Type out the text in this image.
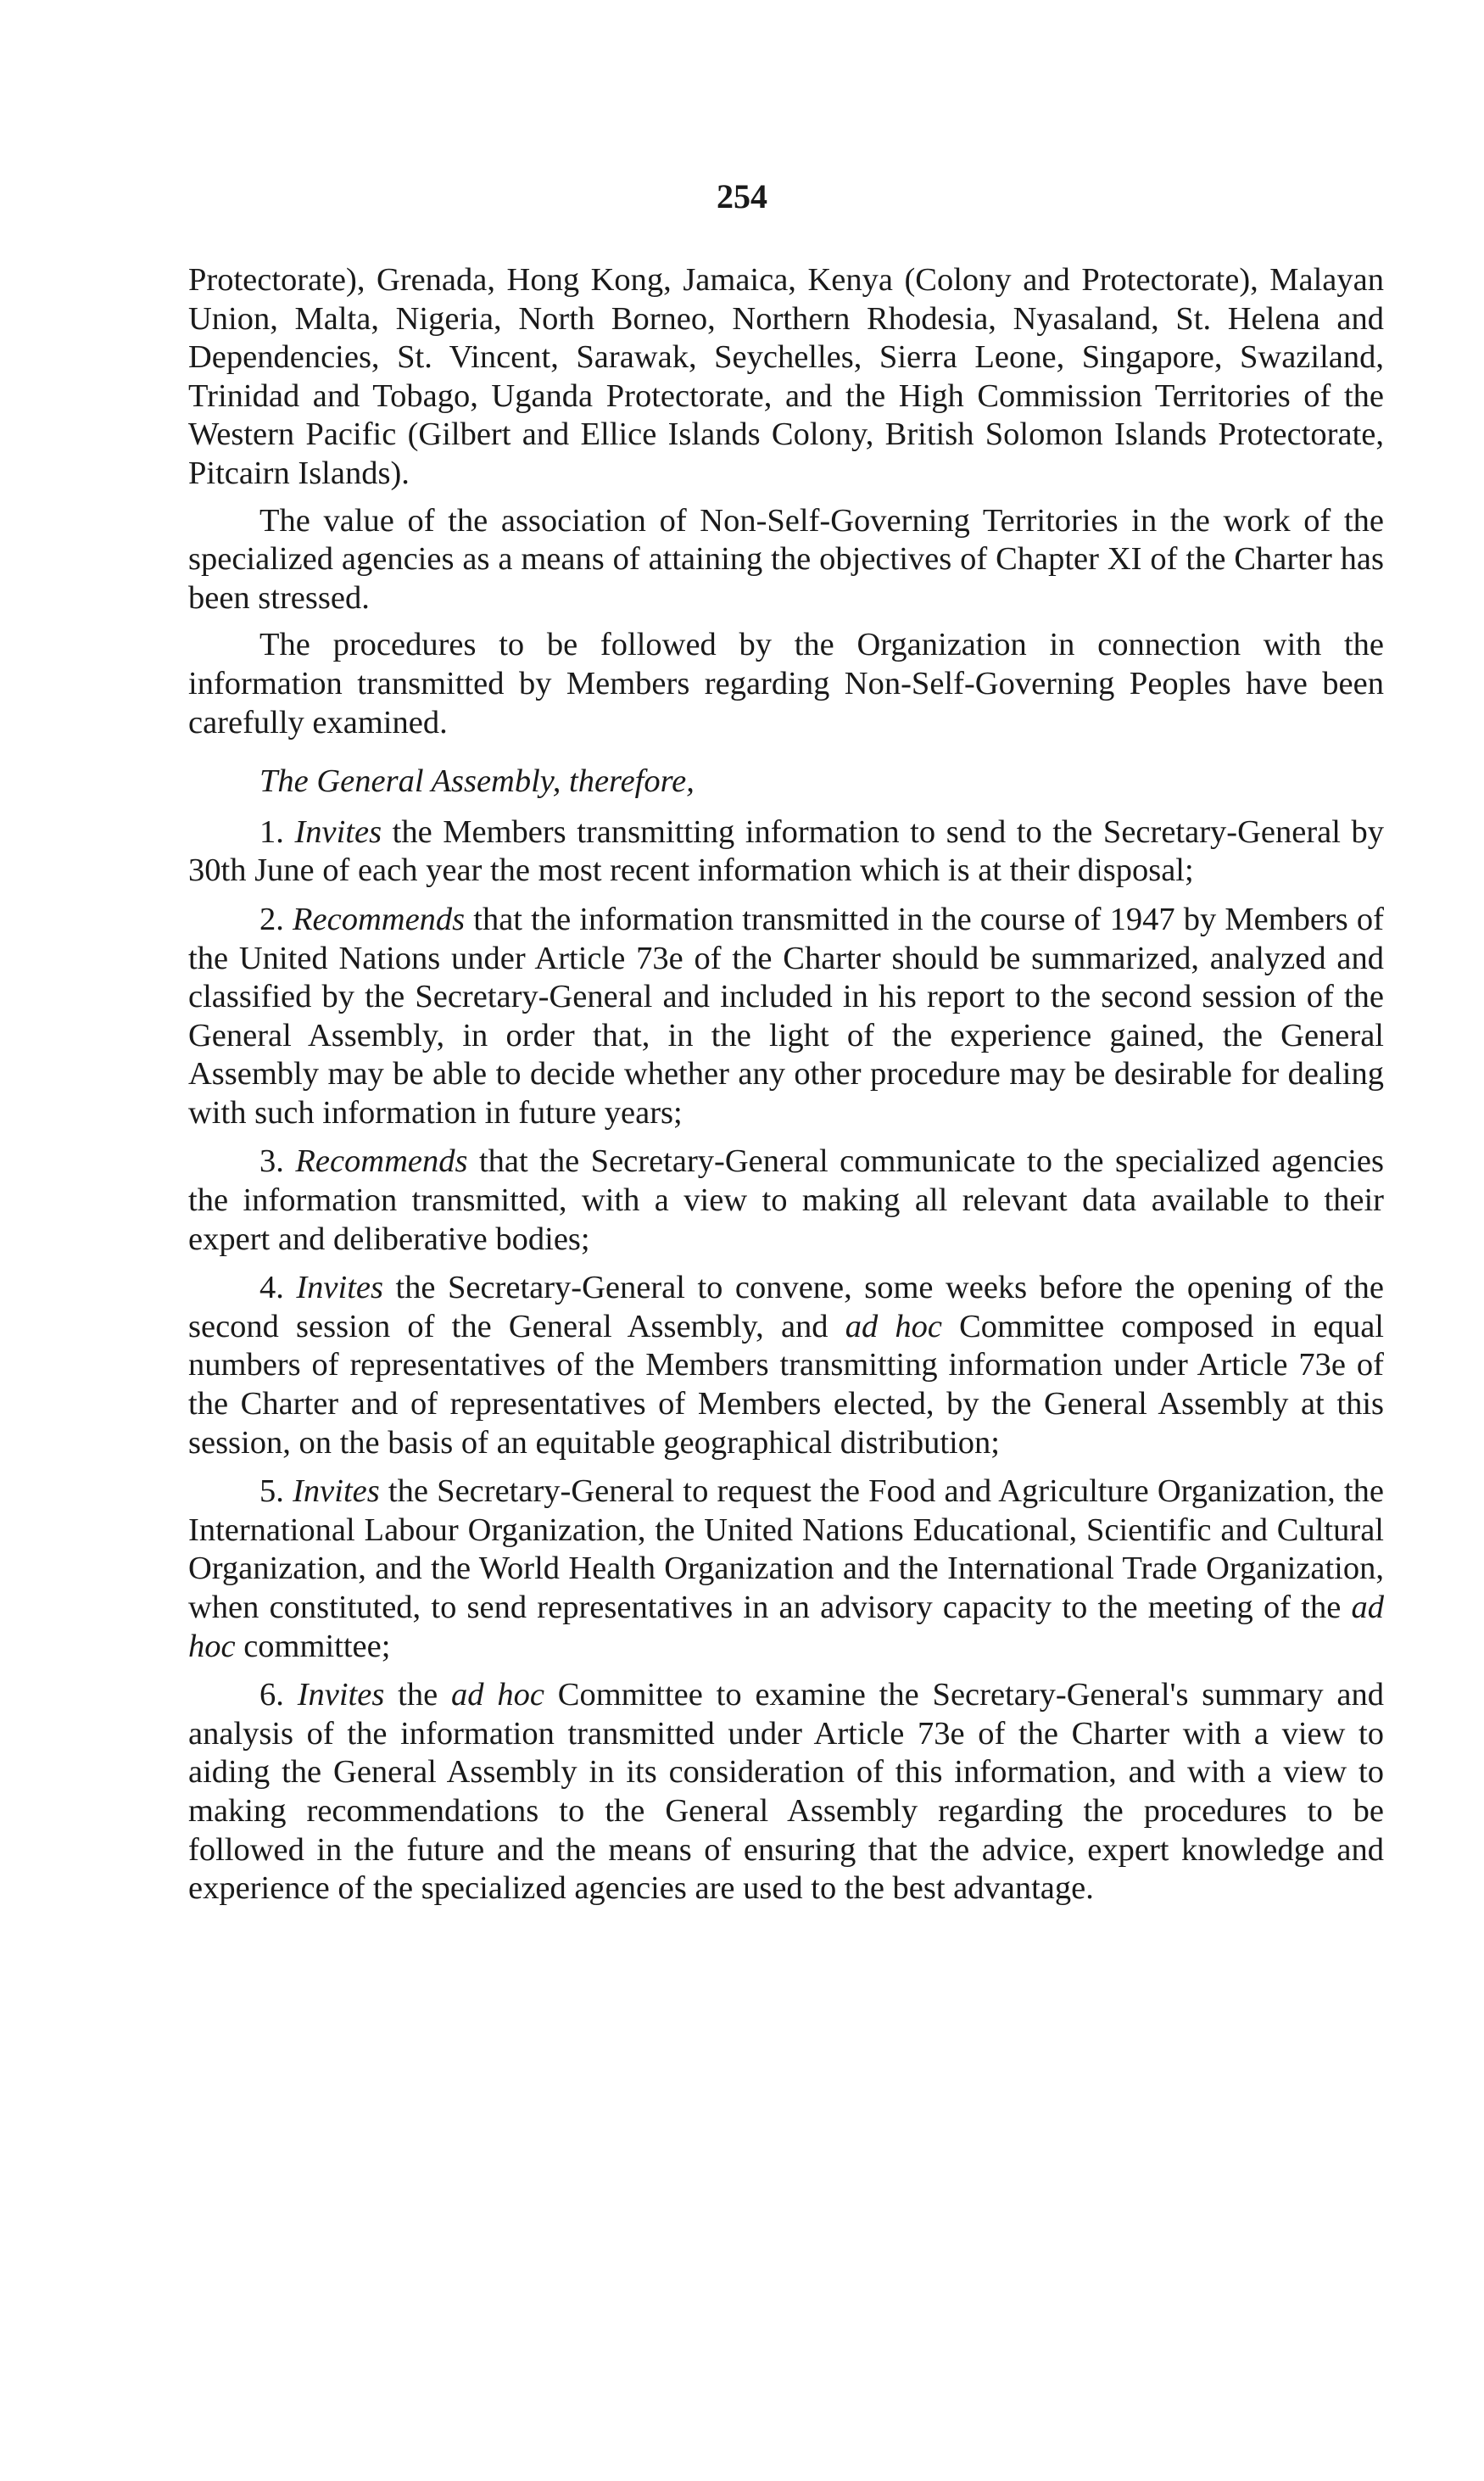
254

Protectorate), Grenada, Hong Kong, Jamaica, Kenya (Colony and Protectorate), Malayan Union, Malta, Nigeria, North Borneo, Northern Rhodesia, Nyasaland, St. Helena and Dependencies, St. Vincent, Sarawak, Seychelles, Sierra Leone, Singapore, Swaziland, Trinidad and Tobago, Uganda Protectorate, and the High Commission Territories of the Western Pacific (Gilbert and Ellice Islands Colony, British Solomon Islands Protectorate, Pitcairn Islands).

The value of the association of Non-Self-Governing Territories in the work of the specialized agencies as a means of attaining the objectives of Chapter XI of the Charter has been stressed.

The procedures to be followed by the Organization in connection with the information transmitted by Members regarding Non-Self-Governing Peoples have been carefully examined.

The General Assembly, therefore,

1. Invites the Members transmitting information to send to the Secretary-General by 30th June of each year the most recent information which is at their disposal;

2. Recommends that the information transmitted in the course of 1947 by Members of the United Nations under Article 73e of the Charter should be summarized, analyzed and classified by the Secretary-General and included in his report to the second session of the General Assembly, in order that, in the light of the experience gained, the General Assembly may be able to decide whether any other procedure may be desirable for dealing with such information in future years;

3. Recommends that the Secretary-General communicate to the specialized agencies the information transmitted, with a view to making all relevant data available to their expert and deliberative bodies;

4. Invites the Secretary-General to convene, some weeks before the opening of the second session of the General Assembly, and ad hoc Committee composed in equal numbers of representatives of the Members transmitting information under Article 73e of the Charter and of representatives of Members elected, by the General Assembly at this session, on the basis of an equitable geographical distribution;

5. Invites the Secretary-General to request the Food and Agriculture Organization, the International Labour Organization, the United Nations Educational, Scientific and Cultural Organization, and the World Health Organization and the International Trade Organization, when constituted, to send representatives in an advisory capacity to the meeting of the ad hoc committee;

6. Invites the ad hoc Committee to examine the Secretary-General's summary and analysis of the information transmitted under Article 73e of the Charter with a view to aiding the General Assembly in its consideration of this information, and with a view to making recommendations to the General Assembly regarding the procedures to be followed in the future and the means of ensuring that the advice, expert knowledge and experience of the specialized agencies are used to the best advantage.
